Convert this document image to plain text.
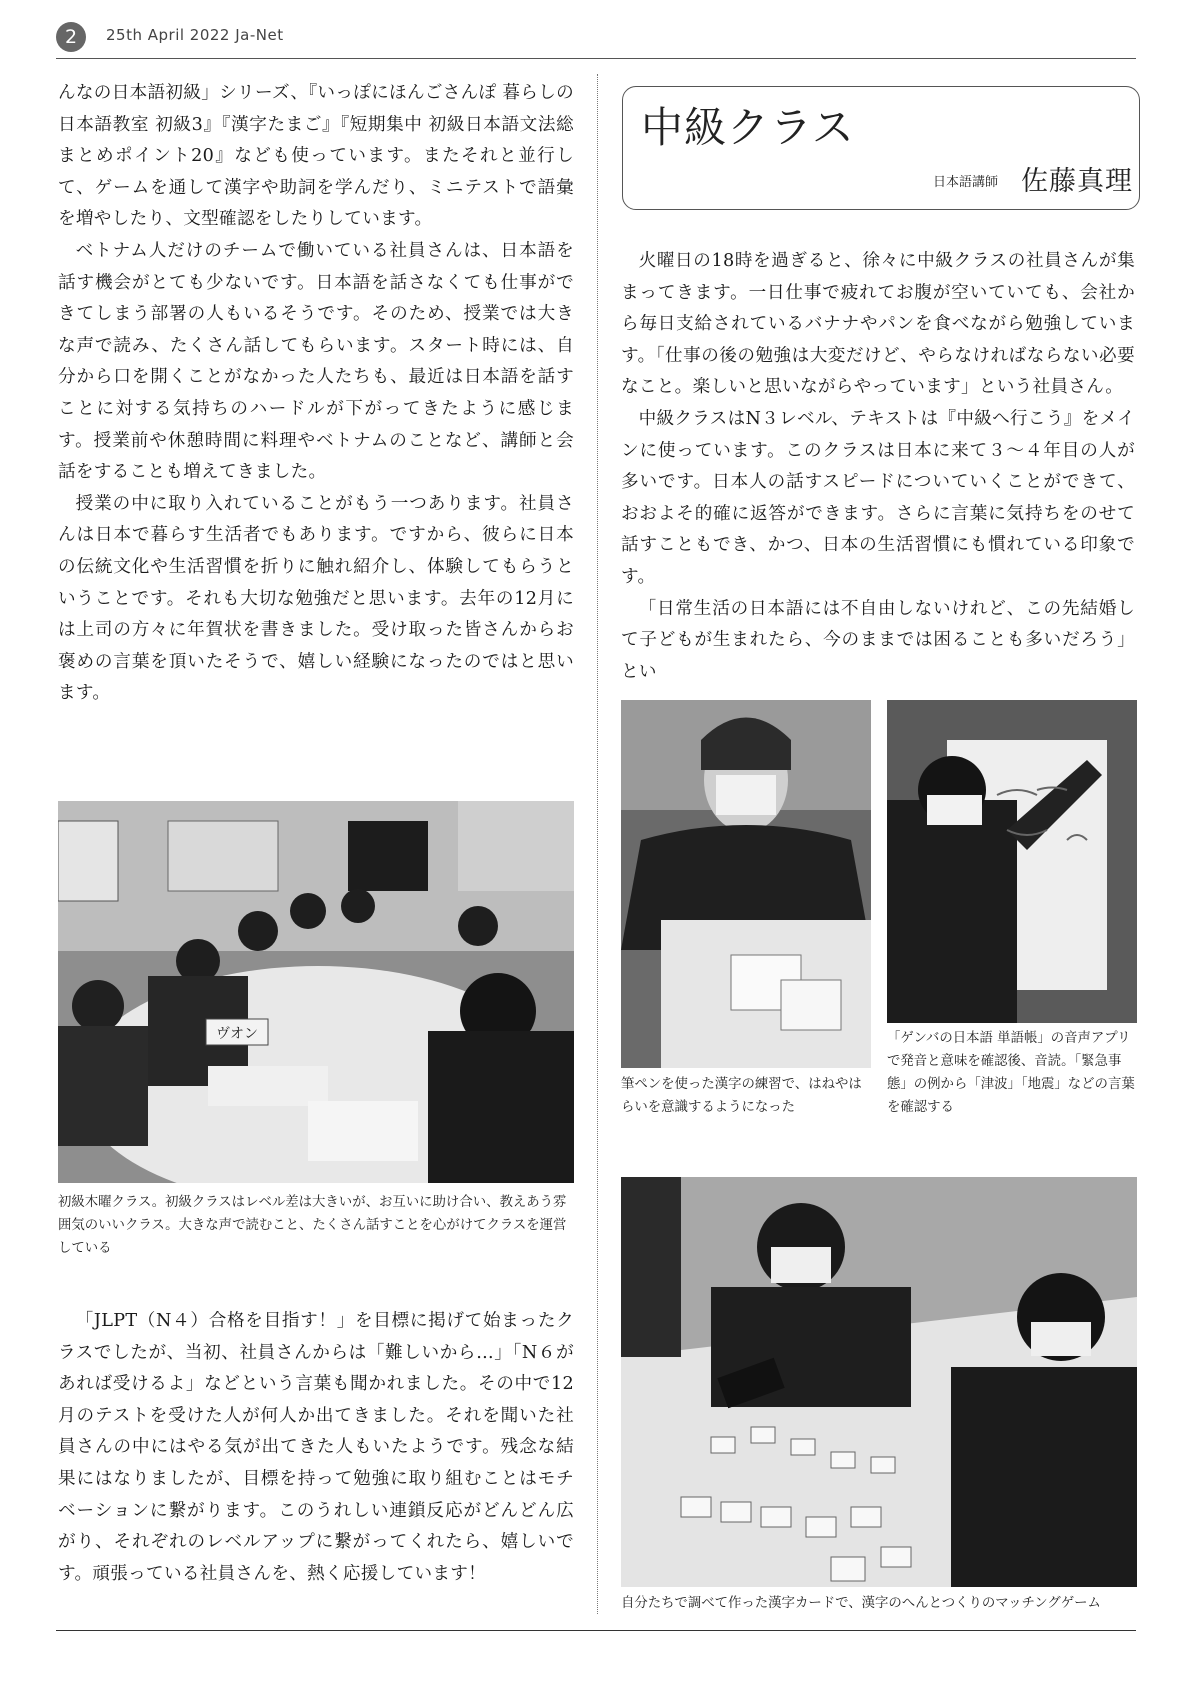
2	25th April 2022 Ja-Net

んなの日本語初級」シリーズ、『いっぽにほんごさんぽ 暮らしの日本語教室 初級3』『漢字たまご』『短期集中 初級日本語文法総まとめポイント20』なども使っています。またそれと並行して、ゲームを通して漢字や助詞を学んだり、ミニテストで語彙を増やしたり、文型確認をしたりしています。

ベトナム人だけのチームで働いている社員さんは、日本語を話す機会がとても少ないです。日本語を話さなくても仕事ができてしまう部署の人もいるそうです。そのため、授業では大きな声で読み、たくさん話してもらいます。スタート時には、自分から口を開くことがなかった人たちも、最近は日本語を話すことに対する気持ちのハードルが下がってきたように感じます。授業前や休憩時間に料理やベトナムのことなど、講師と会話をすることも増えてきました。

授業の中に取り入れていることがもう一つあります。社員さんは日本で暮らす生活者でもあります。ですから、彼らに日本の伝統文化や生活習慣を折りに触れ紹介し、体験してもらうということです。それも大切な勉強だと思います。去年の12月には上司の方々に年賀状を書きました。受け取った皆さんからお褒めの言葉を頂いたそうで、嬉しい経験になったのではと思います。

ヴオン
初級木曜クラス。初級クラスはレベル差は大きいが、お互いに助け合い、教えあう雰囲気のいいクラス。大きな声で読むこと、たくさん話すことを心がけてクラスを運営している

「JLPT（N４）合格を目指す！」を目標に掲げて始まったクラスでしたが、当初、社員さんからは「難しいから…」「N６があれば受けるよ」などという言葉も聞かれました。その中で12月のテストを受けた人が何人か出てきました。それを聞いた社員さんの中にはやる気が出てきた人もいたようです。残念な結果にはなりましたが、目標を持って勉強に取り組むことはモチベーションに繋がります。このうれしい連鎖反応がどんどん広がり、それぞれのレベルアップに繋がってくれたら、嬉しいです。頑張っている社員さんを、熱く応援しています！

中級クラス
日本語講師 佐藤真理

火曜日の18時を過ぎると、徐々に中級クラスの社員さんが集まってきます。一日仕事で疲れてお腹が空いていても、会社から毎日支給されているバナナやパンを食べながら勉強していま す。「仕事の後の勉強は大変だけど、やらなければならない必要なこと。楽しいと思いながらやっています」という社員さん。

中級クラスはN３レベル、テキストは『中級へ行こう』をメインに使っています。このクラスは日本に来て３～４年目の人が多いです。日本人の話すスピードについていくことができて、おおよそ的確に返答ができます。さらに言葉に気持ちをのせて話すこともでき、かつ、日本の生活習慣にも慣れている印象です。

「日常生活の日本語には不自由しないけれど、この先結婚して子どもが生まれたら、今のままでは困ることも多いだろう」とい

筆ペンを使った漢字の練習で、はねやはらいを意識するようになった
「ゲンバの日本語 単語帳」の音声アプリで発音と意味を確認後、音読。「緊急事態」の例から「津波」「地震」などの言葉を確認する
自分たちで調べて作った漢字カードで、漢字のへんとつくりのマッチングゲーム
